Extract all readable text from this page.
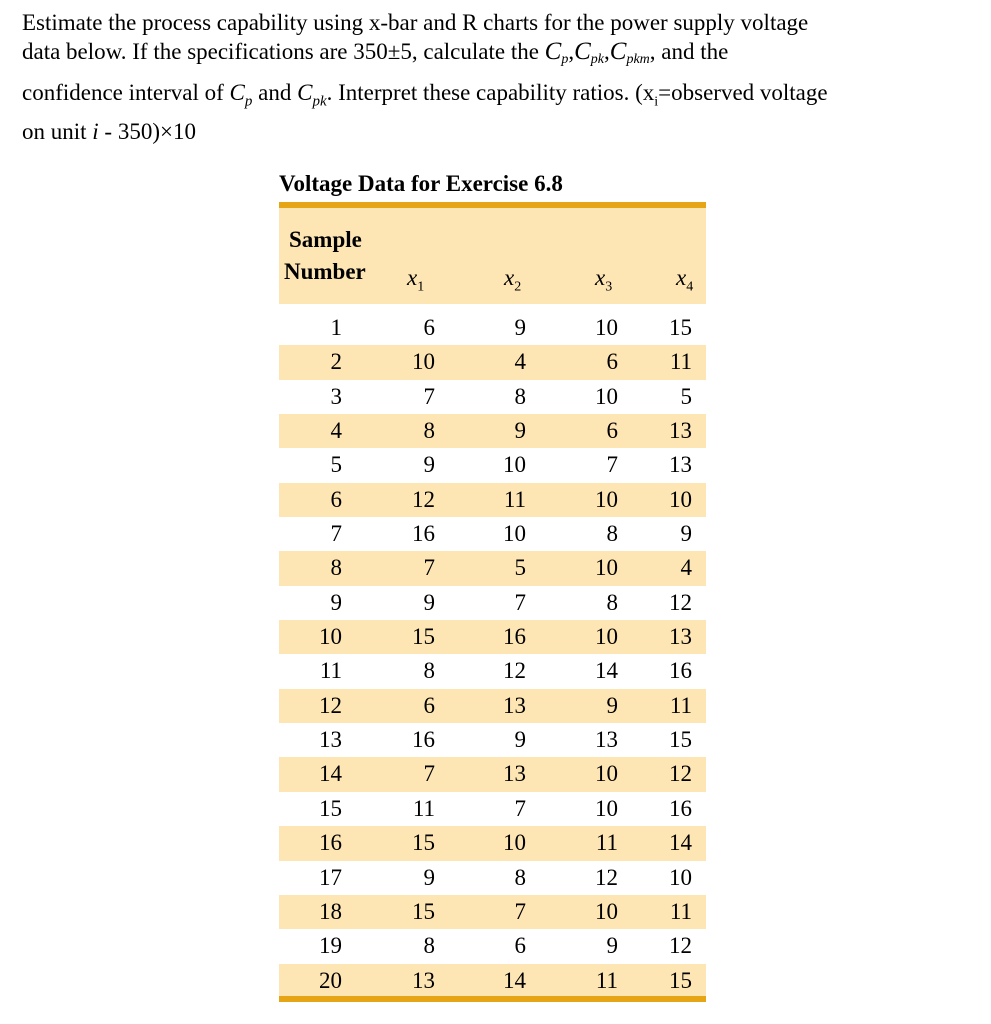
Estimate the process capability using x-bar and R charts for the power supply voltage
data below. If the specifications are 350±5, calculate the $C_p,C_{pk},C_{pkm}$, and the
confidence interval of $C_p$ and $C_{pk}$. Interpret these capability ratios. ($x_i=observed$ voltage
on unit i - 350)×10
Voltage Data for Exercise 6.8
Sample
Number $x_1$	$x_2$	$x_3$	$x_4$
1	6	9	10	15
2	10	4	6	11
3	7	8	10	5
4	8	9	6	13
5	9	10	7	13
6	12	11	10	10
7	16	10	8	9
8	7	5	10	4
9	9	7	8	12
10	15	16	10	13
11	8	12	14	16
12	6	13	9	11
13	16	9	13	15
14	7	13	10	12
15	11	7	10	16
16	15	10	11	14
17	9	8	12	10
18	15	7	10	11
19	8	6	9	12
20	13	14	11	15
